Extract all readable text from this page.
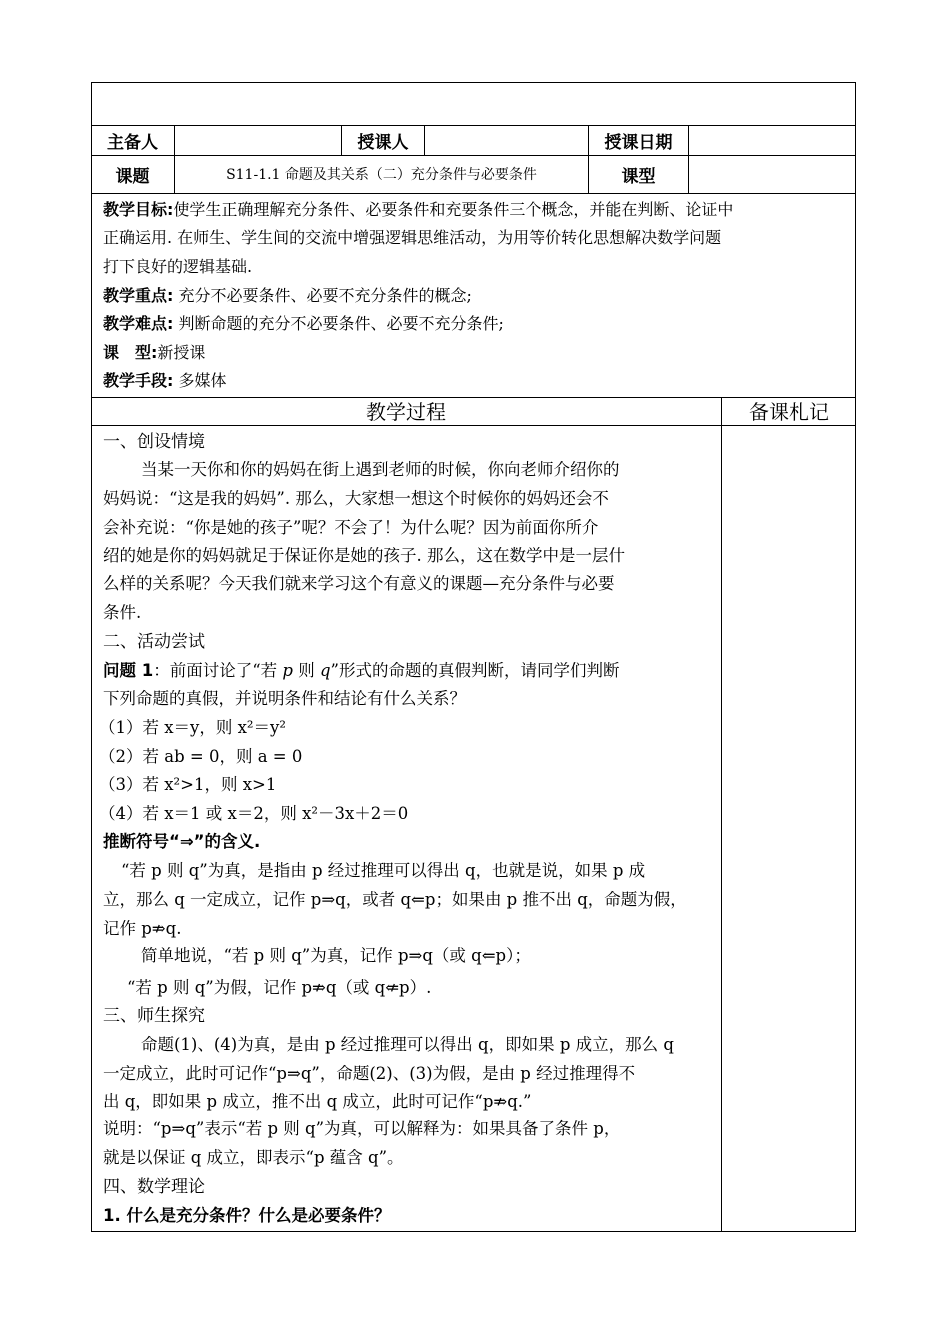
主备人	授课人	授课日期
课题	S11-1.1 命题及其关系（二）充分条件与必要条件	课型
教学目标:使学生正确理解充分条件、必要条件和充要条件三个概念，并能在判断、论证中
正确运用. 在师生、学生间的交流中增强逻辑思维活动，为用等价转化思想解决数学问题
打下良好的逻辑基础.
教学重点: 充分不必要条件、必要不充分条件的概念;
教学难点: 判断命题的充分不必要条件、必要不充分条件;
课　型:新授课
教学手段: 多媒体
教学过程	备课札记
一、创设情境
当某一天你和你的妈妈在街上遇到老师的时候，你向老师介绍你的
妈妈说：“这是我的妈妈”. 那么，大家想一想这个时候你的妈妈还会不
会补充说：“你是她的孩子”呢？不会了！为什么呢？因为前面你所介
绍的她是你的妈妈就足于保证你是她的孩子. 那么，这在数学中是一层什
么样的关系呢？今天我们就来学习这个有意义的课题—充分条件与必要
条件.
二、活动尝试
问题 1：前面讨论了“若 p 则 q”形式的命题的真假判断，请同学们判断
下列命题的真假，并说明条件和结论有什么关系？
（1）若 x＝y，则 x²＝y²
（2）若 ab = 0，则 a = 0
（3）若 x²>1，则 x>1
（4）若 x＝1 或 x＝2，则 x²－3x＋2＝0
推断符号“⇒”的含义.
“若 p 则 q”为真，是指由 p 经过推理可以得出 q，也就是说，如果 p 成
立，那么 q 一定成立，记作 p⇒q，或者 q⇐p；如果由 p 推不出 q，命题为假，
记作 p⇏q.
简单地说，“若 p 则 q”为真，记作 p⇒q（或 q⇐p）；
“若 p 则 q”为假，记作 p⇏q（或 q⇍p）.
三、师生探究
命题(1)、(4)为真，是由 p 经过推理可以得出 q，即如果 p 成立，那么 q
一定成立，此时可记作“p⇒q”，命题(2)、(3)为假，是由 p 经过推理得不
出 q，即如果 p 成立，推不出 q 成立，此时可记作“p⇏q.”
说明：“p⇒q”表示“若 p 则 q”为真，可以解释为：如果具备了条件 p，
就是以保证 q 成立，即表示“p 蕴含 q”。
四、数学理论
1. 什么是充分条件？什么是必要条件？
